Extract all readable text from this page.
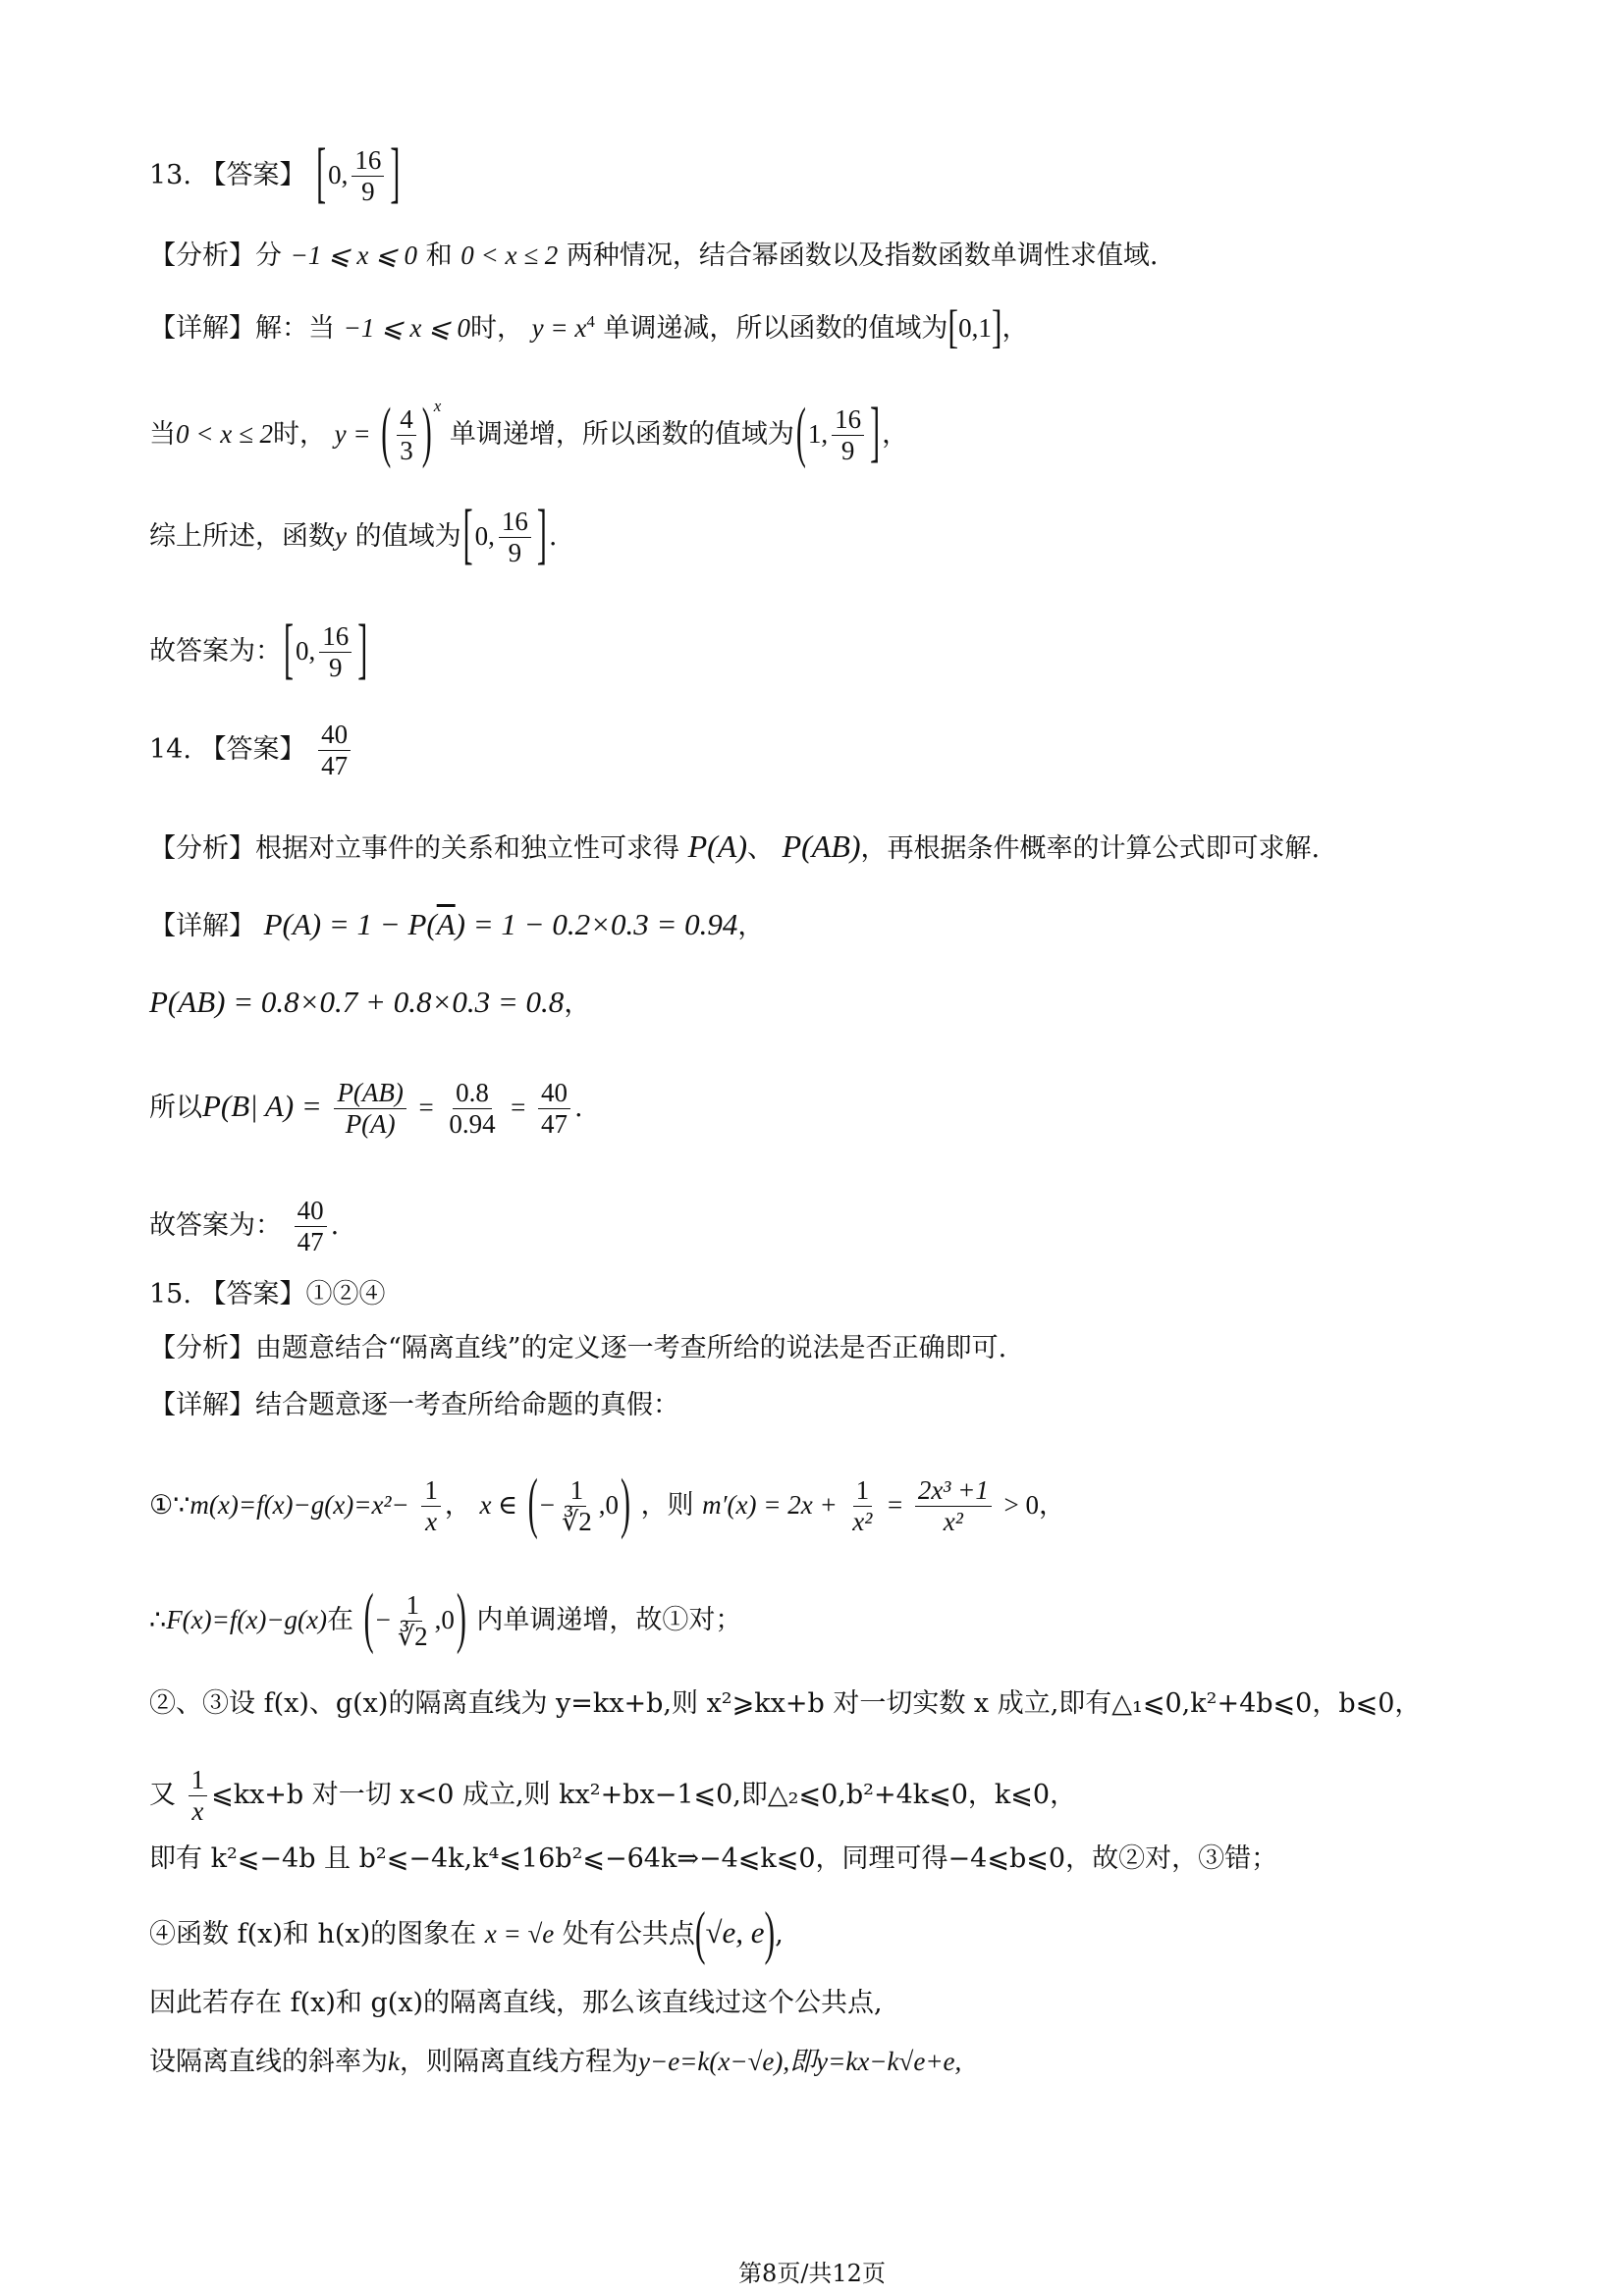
13. 【答案】 [0, $\frac{16}{9}$ ]
【分析】分 −1 ⩽ x ⩽ 0 和 0 < x ≤ 2 两种情况，结合幂函数以及指数函数单调性求值域.
【详解】解：当 −1 ⩽ x ⩽ 0时， $y = x^4$ 单调递减，所以函数的值域为[0,1]，
当0 < x ≤ 2时， y = ( $\frac{4}{3}$ ) $^x$ 单调递增，所以函数的值域为(1, $\frac{16}{9}$ ]，
综上所述，函数y 的值域为[0, $\frac{16}{9}$ ].
故答案为：[0, $\frac{16}{9}$ ]
14. 【答案】 $\frac{40}{47}$
【分析】根据对立事件的关系和独立性可求得 P(A)、 P(AB)，再根据条件概率的计算公式即可求解.
【详解】 $P(A) = 1 - P(\overline{A}) = 1 - 0.2\times 0.3 = 0.94$，
P(AB) = 0.8×0.7 + 0.8×0.3 = 0.8，
所以P(B| $A) = \frac{P(AB)}{P(A)} = \frac{0.8}{0.94} = \frac{40}{47}$ .
故答案为： $\frac{40}{47}$ .
15. 【答案】①②④
【分析】由题意结合“隔离直线”的定义逐一考查所给的说法是否正确即可.
【详解】结合题意逐一考查所给命题的真假：
①∵m(x)=f(x)−g(x)=x²− $\frac{1}{x}$ ， x ∈ (− $\frac{1}{∛2} ,0$) ，则 $m'(x) = 2x + \frac{1}{\text{x²}} = \frac{\text{2x³ +1}}{\text{x²}} > 0$，
∴F(x)=f(x)−g(x)在 (− $\frac{1}{∛2} ,0$) 内单调递增，故①对；
②、③设 f(x)、g(x)的隔离直线为 y=kx+b,则 x²⩾kx+b 对一切实数 x 成立,即有△₁⩽0,k²+4b⩽0，b⩽0，
又 $\frac{1}{x}$ ⩽kx+b 对一切 x<0 成立,则 kx²+bx−1⩽0,即△₂⩽0,b²+4k⩽0，k⩽0，
即有 k²⩽−4b 且 b²⩽−4k,k⁴⩽16b²⩽−64k⇒−4⩽k⩽0，同理可得−4⩽b⩽0，故②对，③错；
④函数 f(x)和 h(x)的图象在 x = √e 处有公共点(√e, e),
因此若存在 f(x)和 g(x)的隔离直线，那么该直线过这个公共点,
设隔离直线的斜率为k，则隔离直线方程为y−e=k(x−√e),即y=kx−k√e+e,
第8页/共12页
